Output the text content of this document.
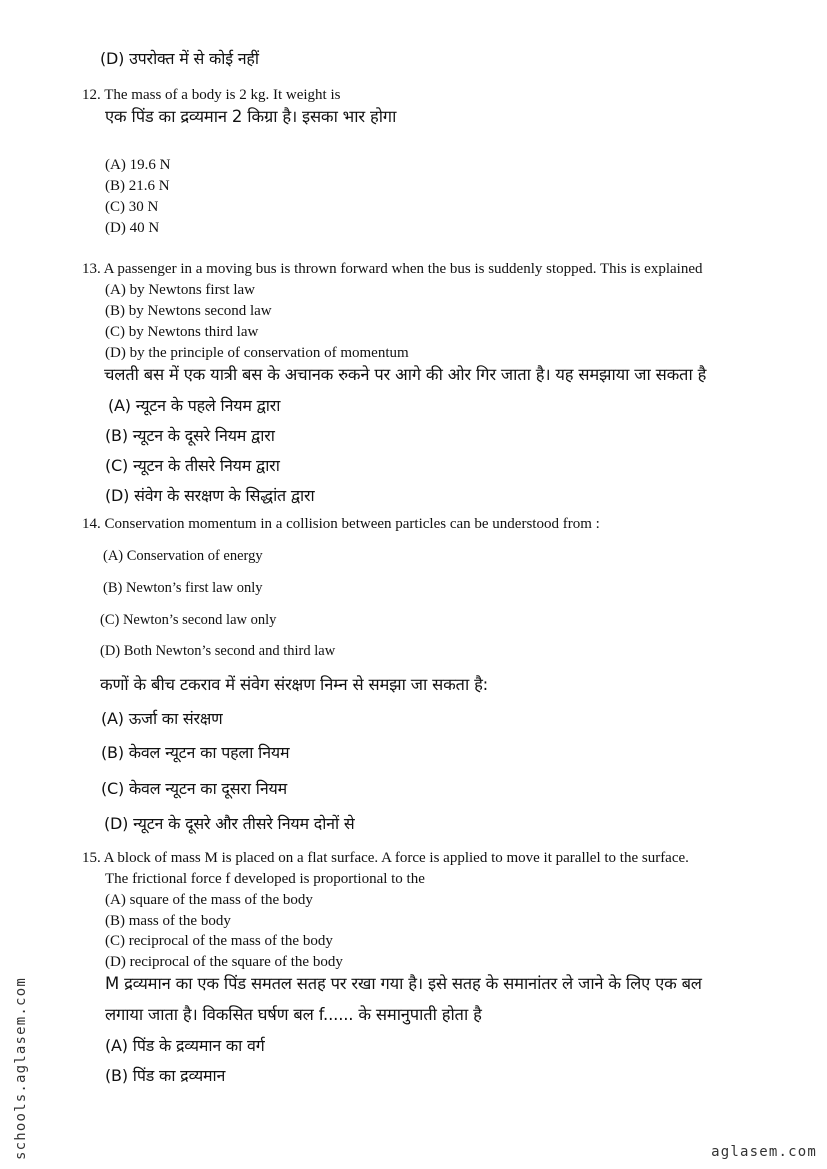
(D) उपरोक्त में से कोई नहीं
12. The mass of a body is 2 kg. It weight is
एक पिंड का द्रव्यमान 2 किग्रा है। इसका भार होगा
(A) 19.6 N
(B) 21.6 N
(C) 30 N
(D) 40 N
13. A passenger in a moving bus is thrown forward when the bus is suddenly stopped. This is explained
(A) by Newtons first law
(B) by Newtons second law
(C) by Newtons third law
(D) by the principle of conservation of momentum
चलती बस में एक यात्री बस के अचानक रुकने पर आगे की ओर गिर जाता है। यह समझाया जा सकता है
(A) न्यूटन के पहले नियम द्वारा
(B) न्यूटन के दूसरे नियम द्वारा
(C) न्यूटन के तीसरे नियम द्वारा
(D) संवेग के सरक्षण के सिद्धांत द्वारा
14. Conservation momentum in a collision between particles can be understood from :
(A) Conservation of energy
(B) Newton’s first law only
(C) Newton’s second law only
(D) Both Newton’s second and third law
कणों के बीच टकराव में संवेग संरक्षण निम्न से समझा जा सकता है:
(A) ऊर्जा का संरक्षण
(B) केवल न्यूटन का पहला नियम
(C) केवल न्यूटन का दूसरा नियम
(D) न्यूटन के दूसरे और तीसरे नियम दोनों से
15. A block of mass M is placed on a flat surface. A force is applied to move it parallel to the surface.
The frictional force f developed is proportional to the
(A) square of the mass of the body
(B) mass of the body
(C) reciprocal of the mass of the body
(D) reciprocal of the square of the body
M द्रव्यमान का एक पिंड समतल सतह पर रखा गया है। इसे सतह के समानांतर ले जाने के लिए एक बल
लगाया जाता है। विकसित घर्षण बल f...... के समानुपाती होता है
(A) पिंड के द्रव्यमान का वर्ग
(B) पिंड का द्रव्यमान
schools.aglasem.com	aglasem.com
